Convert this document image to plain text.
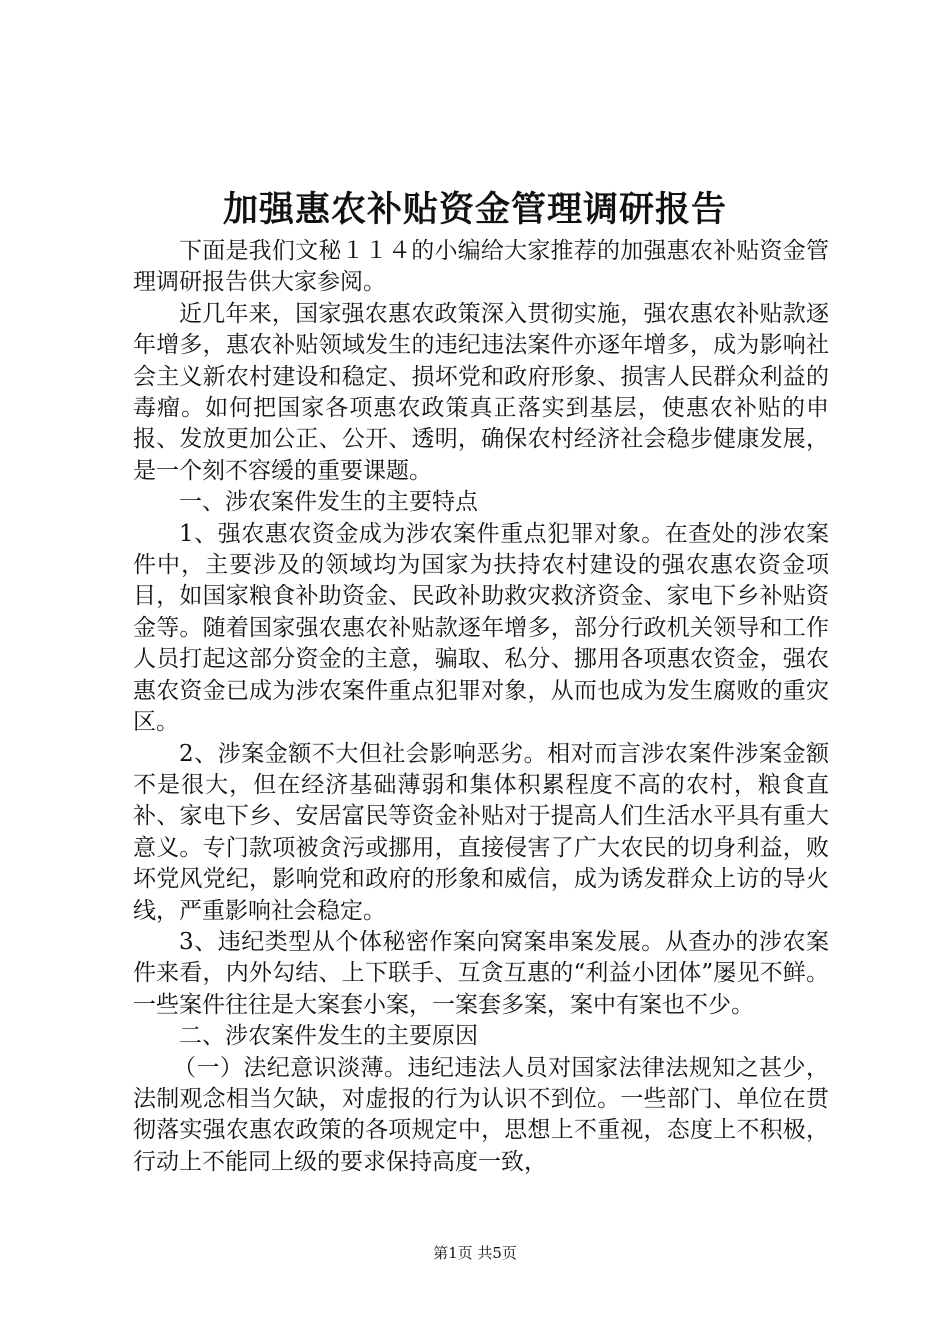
加强惠农补贴资金管理调研报告

下面是我们文秘１１４的小编给大家推荐的加强惠农补贴资金管理调研报告供大家参阅。

近几年来，国家强农惠农政策深入贯彻实施，强农惠农补贴款逐年增多，惠农补贴领域发生的违纪违法案件亦逐年增多，成为影响社会主义新农村建设和稳定、损坏党和政府形象、损害人民群众利益的毒瘤。如何把国家各项惠农政策真正落实到基层，使惠农补贴的申报、发放更加公正、公开、透明，确保农村经济社会稳步健康发展，是一个刻不容缓的重要课题。

一、涉农案件发生的主要特点

1、强农惠农资金成为涉农案件重点犯罪对象。在查处的涉农案件中，主要涉及的领域均为国家为扶持农村建设的强农惠农资金项目，如国家粮食补助资金、民政补助救灾救济资金、家电下乡补贴资金等。随着国家强农惠农补贴款逐年增多，部分行政机关领导和工作人员打起这部分资金的主意，骗取、私分、挪用各项惠农资金，强农惠农资金已成为涉农案件重点犯罪对象，从而也成为发生腐败的重灾区。

2、涉案金额不大但社会影响恶劣。相对而言涉农案件涉案金额不是很大，但在经济基础薄弱和集体积累程度不高的农村，粮食直补、家电下乡、安居富民等资金补贴对于提高人们生活水平具有重大意义。专门款项被贪污或挪用，直接侵害了广大农民的切身利益，败坏党风党纪，影响党和政府的形象和威信，成为诱发群众上访的导火线，严重影响社会稳定。

3、违纪类型从个体秘密作案向窝案串案发展。从查办的涉农案件来看，内外勾结、上下联手、互贪互惠的“利益小团体”屡见不鲜。一些案件往往是大案套小案，一案套多案，案中有案也不少。

二、涉农案件发生的主要原因

（一）法纪意识淡薄。违纪违法人员对国家法律法规知之甚少，法制观念相当欠缺，对虚报的行为认识不到位。一些部门、单位在贯彻落实强农惠农政策的各项规定中，思想上不重视，态度上不积极，行动上不能同上级的要求保持高度一致，

第1页 共5页
